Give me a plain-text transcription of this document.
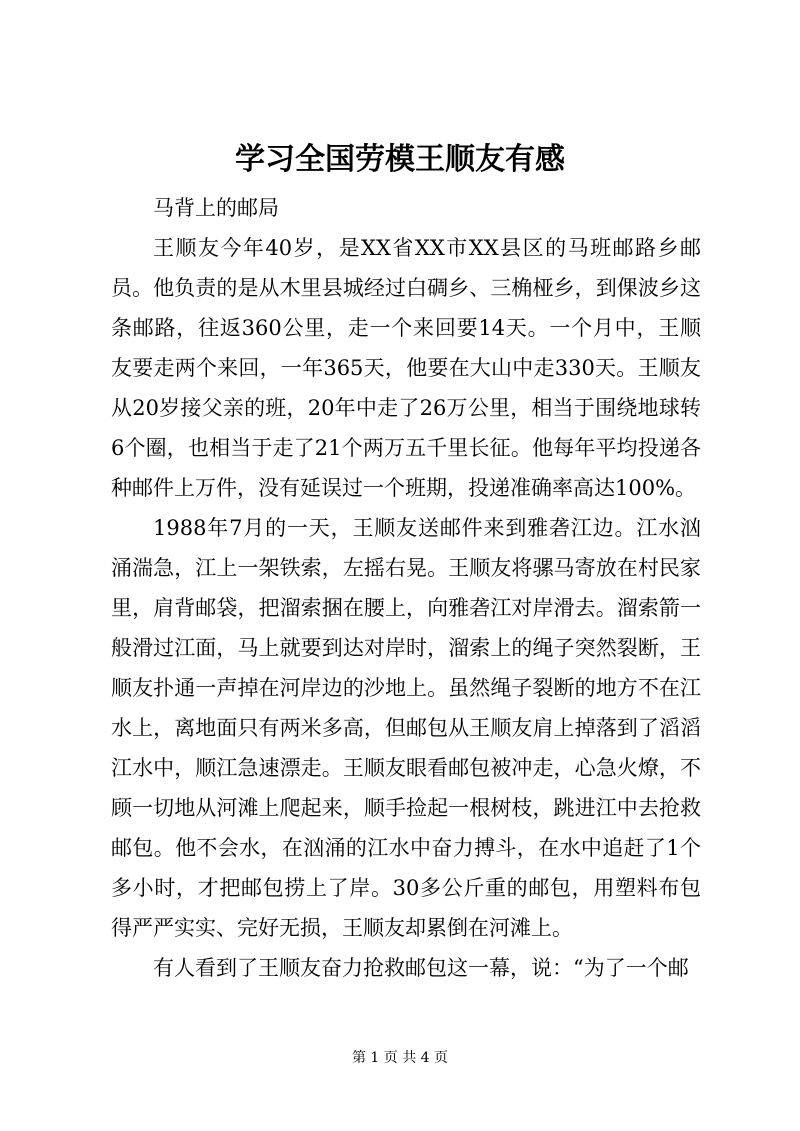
学习全国劳模王顺友有感

马背上的邮局

王顺友今年40岁，是XX省XX市XX县区的马班邮路乡邮员。他负责的是从木里县城经过白碉乡、三桷桠乡，到倮波乡这条邮路，往返360公里，走一个来回要14天。一个月中，王顺友要走两个来回，一年365天，他要在大山中走330天。王顺友从20岁接父亲的班，20年中走了26万公里，相当于围绕地球转6个圈，也相当于走了21个两万五千里长征。他每年平均投递各种邮件上万件，没有延误过一个班期，投递准确率高达100%。

1988年7月的一天，王顺友送邮件来到雅砻江边。江水汹涌湍急，江上一架铁索，左摇右晃。王顺友将骡马寄放在村民家里，肩背邮袋，把溜索捆在腰上，向雅砻江对岸滑去。溜索箭一般滑过江面，马上就要到达对岸时，溜索上的绳子突然裂断，王顺友扑通一声掉在河岸边的沙地上。虽然绳子裂断的地方不在江水上，离地面只有两米多高，但邮包从王顺友肩上掉落到了滔滔江水中，顺江急速漂走。王顺友眼看邮包被冲走，心急火燎，不顾一切地从河滩上爬起来，顺手捡起一根树枝，跳进江中去抢救邮包。他不会水，在汹涌的江水中奋力搏斗，在水中追赶了1个多小时，才把邮包捞上了岸。30多公斤重的邮包，用塑料布包得严严实实、完好无损，王顺友却累倒在河滩上。

有人看到了王顺友奋力抢救邮包这一幕，说：“为了一个邮

第 1 页 共 4 页
